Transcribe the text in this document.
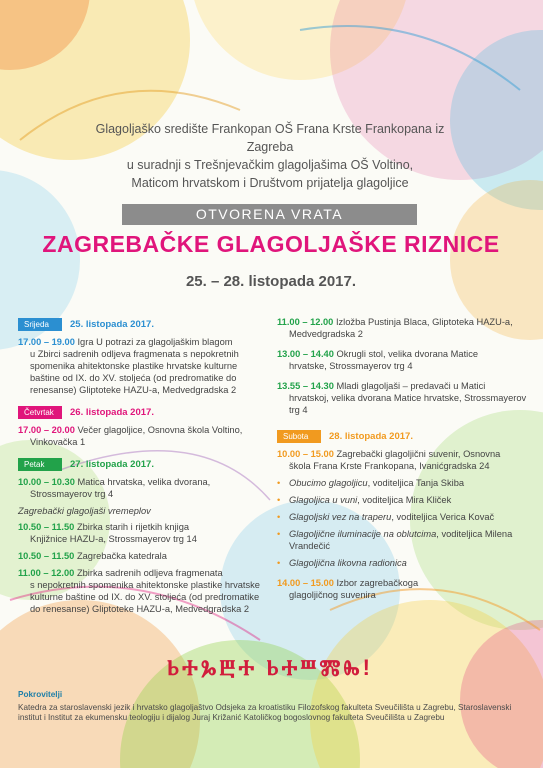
Glagoljaško središte Frankopan OŠ Frana Krste Frankopana iz Zagreba
u suradnji s Trešnjevačkim glagoljašima OŠ Voltino,
Maticom hrvatskom i Društvom prijatelja glagoljice
OTVORENA VRATA
ZAGREBAČKE GLAGOLJAŠKE RIZNICE
25. – 28. listopada 2017.
Srijeda	25. listopada 2017.
17.00 – 19.00 Igra U potrazi za glagoljaškim blagom
u Zbirci sadrenih odljeva fragmenata s nepokretnih spomenika ahitektonske plastike hrvatske kulturne baštine od IX. do XV. stoljeća (od predromatike do renesanse) Gliptoteke HAZU-a, Medvedgradska 2
Četvrtak	26. listopada 2017.
17.00 – 20.00 Večer glagoljice, Osnovna škola Voltino,
Vinkovačka 1
Petak	27. listopada 2017.
10.00 – 10.30 Matica hrvatska, velika dvorana,
Strossmayerov trg 4
Zagrebački glagoljaši vremeplov
10.50 – 11.50 Zbirka starih i rijetkih knjiga
Knjižnice HAZU-a, Strossmayerov trg 14
10.50 – 11.50 Zagrebačka katedrala
11.00 – 12.00 Zbirka sadrenih odljeva fragmenata
s nepokretnih spomenika ahitektonske plastike hrvatske kulturne baštine od IX. do XV. stoljeća (od predromatike do renesanse) Gliptoteke HAZU-a, Medvedgradska 2
11.00 – 12.00 Izložba Pustinja Blaca, Gliptoteka HAZU-a,
Medvedgradska 2
13.00 – 14.40 Okrugli stol, velika dvorana Matice
hrvatske, Strossmayerov trg 4
13.55 – 14.30 Mladi glagoljaši – predavači u Matici
hrvatskoj, velika dvorana Matice hrvatske, Strossmayerov trg 4
Subota	28. listopada 2017.
10.00 – 15.00 Zagrebački glagoljični suvenir, Osnovna
škola Frana Krste Frankopana, Ivanićgradska 24
• Obucimo glagoljicu, voditeljica Tanja Skiba
• Glagoljica u vuni, voditeljica Mira Kliček
• Glagoljski vez na traperu, voditeljica Verica Kovač
• Glagoljične iluminacije na oblutcima, voditeljica Milena Vrandečić
• Glagoljična likovna radionica
14.00 – 15.00 Izbor zagrebačkoga
glagoljičnog suvenira
ⰓⰀⰃⰁⰀ ⰓⰀⰞⰏⰈ!
Pokrovitelji
Katedra za staroslavenski jezik i hrvatsko glagoljaštvo Odsjeka za kroatistiku Filozofskog fakulteta Sveučilišta u Zagrebu, Staroslavenski institut i Institut za ekumensku teologiju i dijalog Juraj Križanić Katoličkog bogoslovnog fakulteta Sveučilišta u Zagrebu
